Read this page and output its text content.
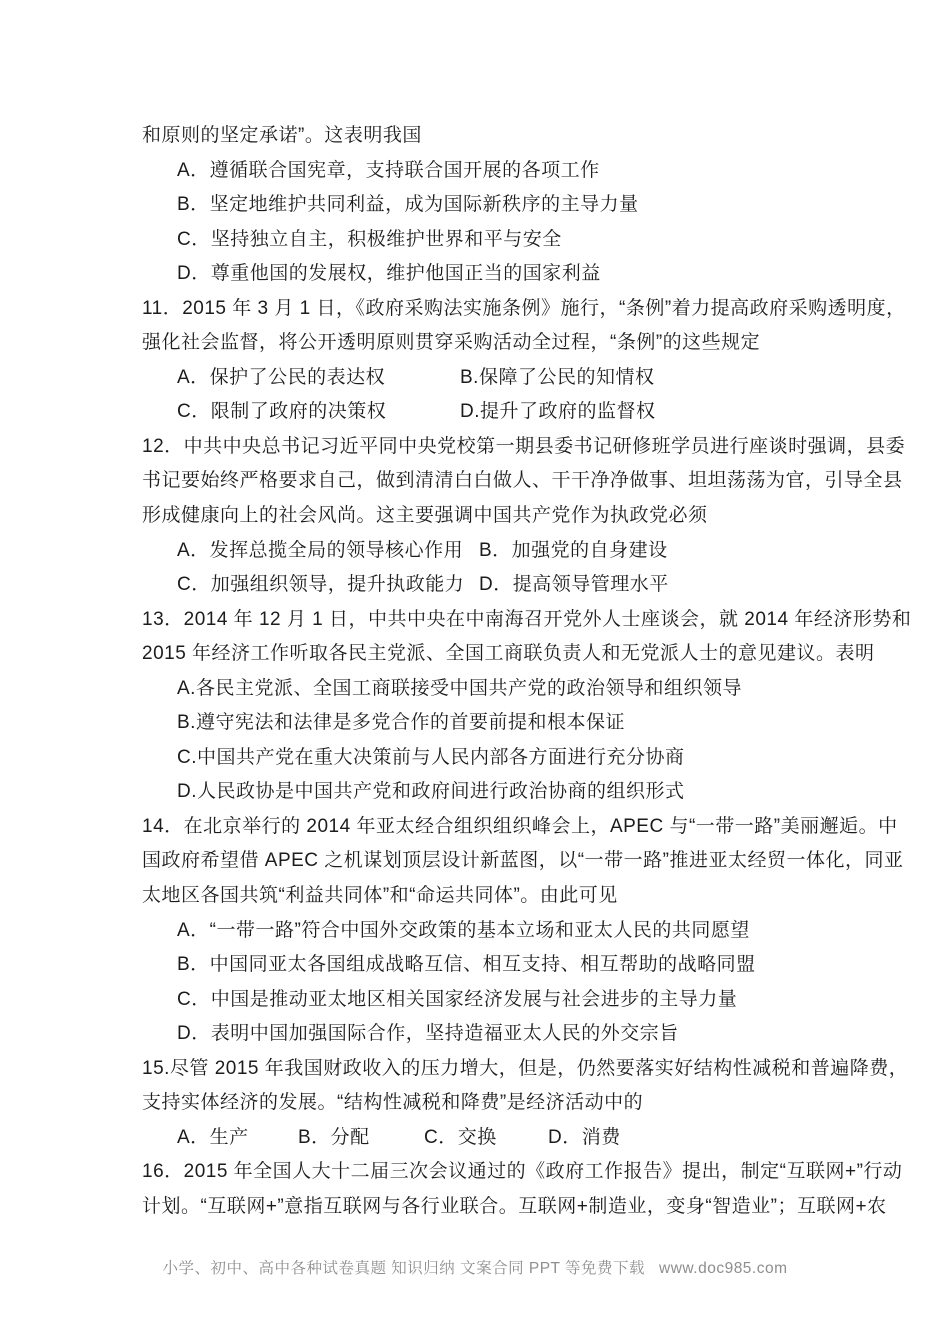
和原则的坚定承诺”。这表明我国
A．遵循联合国宪章，支持联合国开展的各项工作
B．坚定地维护共同利益，成为国际新秩序的主导力量
C．坚持独立自主，积极维护世界和平与安全
D．尊重他国的发展权，维护他国正当的国家利益
11．2015 年 3 月 1 日，《政府采购法实施条例》施行，“条例”着力提高政府采购透明度，
强化社会监督，将公开透明原则贯穿采购活动全过程，“条例”的这些规定
A．保护了公民的表达权	B.保障了公民的知情权
C．限制了政府的决策权	D.提升了政府的监督权
12．中共中央总书记习近平同中央党校第一期县委书记研修班学员进行座谈时强调，县委
书记要始终严格要求自己，做到清清白白做人、干干净净做事、坦坦荡荡为官，引导全县
形成健康向上的社会风尚。这主要强调中国共产党作为执政党必须
A．发挥总揽全局的领导核心作用 B．加强党的自身建设
C．加强组织领导，提升执政能力 D．提高领导管理水平
13．2014 年 12 月 1 日，中共中央在中南海召开党外人士座谈会，就 2014 年经济形势和
2015 年经济工作听取各民主党派、全国工商联负责人和无党派人士的意见建议。表明
A.各民主党派、全国工商联接受中国共产党的政治领导和组织领导
B.遵守宪法和法律是多党合作的首要前提和根本保证
C.中国共产党在重大决策前与人民内部各方面进行充分协商
D.人民政协是中国共产党和政府间进行政治协商的组织形式
14．在北京举行的 2014 年亚太经合组织组织峰会上，APEC 与“一带一路”美丽邂逅。中
国政府希望借 APEC 之机谋划顶层设计新蓝图，以“一带一路”推进亚太经贸一体化，同亚
太地区各国共筑“利益共同体”和“命运共同体”。由此可见
A．“一带一路”符合中国外交政策的基本立场和亚太人民的共同愿望
B．中国同亚太各国组成战略互信、相互支持、相互帮助的战略同盟
C．中国是推动亚太地区相关国家经济发展与社会进步的主导力量
D．表明中国加强国际合作，坚持造福亚太人民的外交宗旨
15.尽管 2015 年我国财政收入的压力增大，但是，仍然要落实好结构性减税和普遍降费，
支持实体经济的发展。“结构性减税和降费”是经济活动中的
A．生产	B．分配	C．交换	D．消费
16．2015 年全国人大十二届三次会议通过的《政府工作报告》提出，制定“互联网+”行动
计划。“互联网+”意指互联网与各行业联合。互联网+制造业，变身“智造业”；互联网+农
小学、初中、高中各种试卷真题 知识归纳 文案合同 PPT 等免费下载 www.doc985.com
